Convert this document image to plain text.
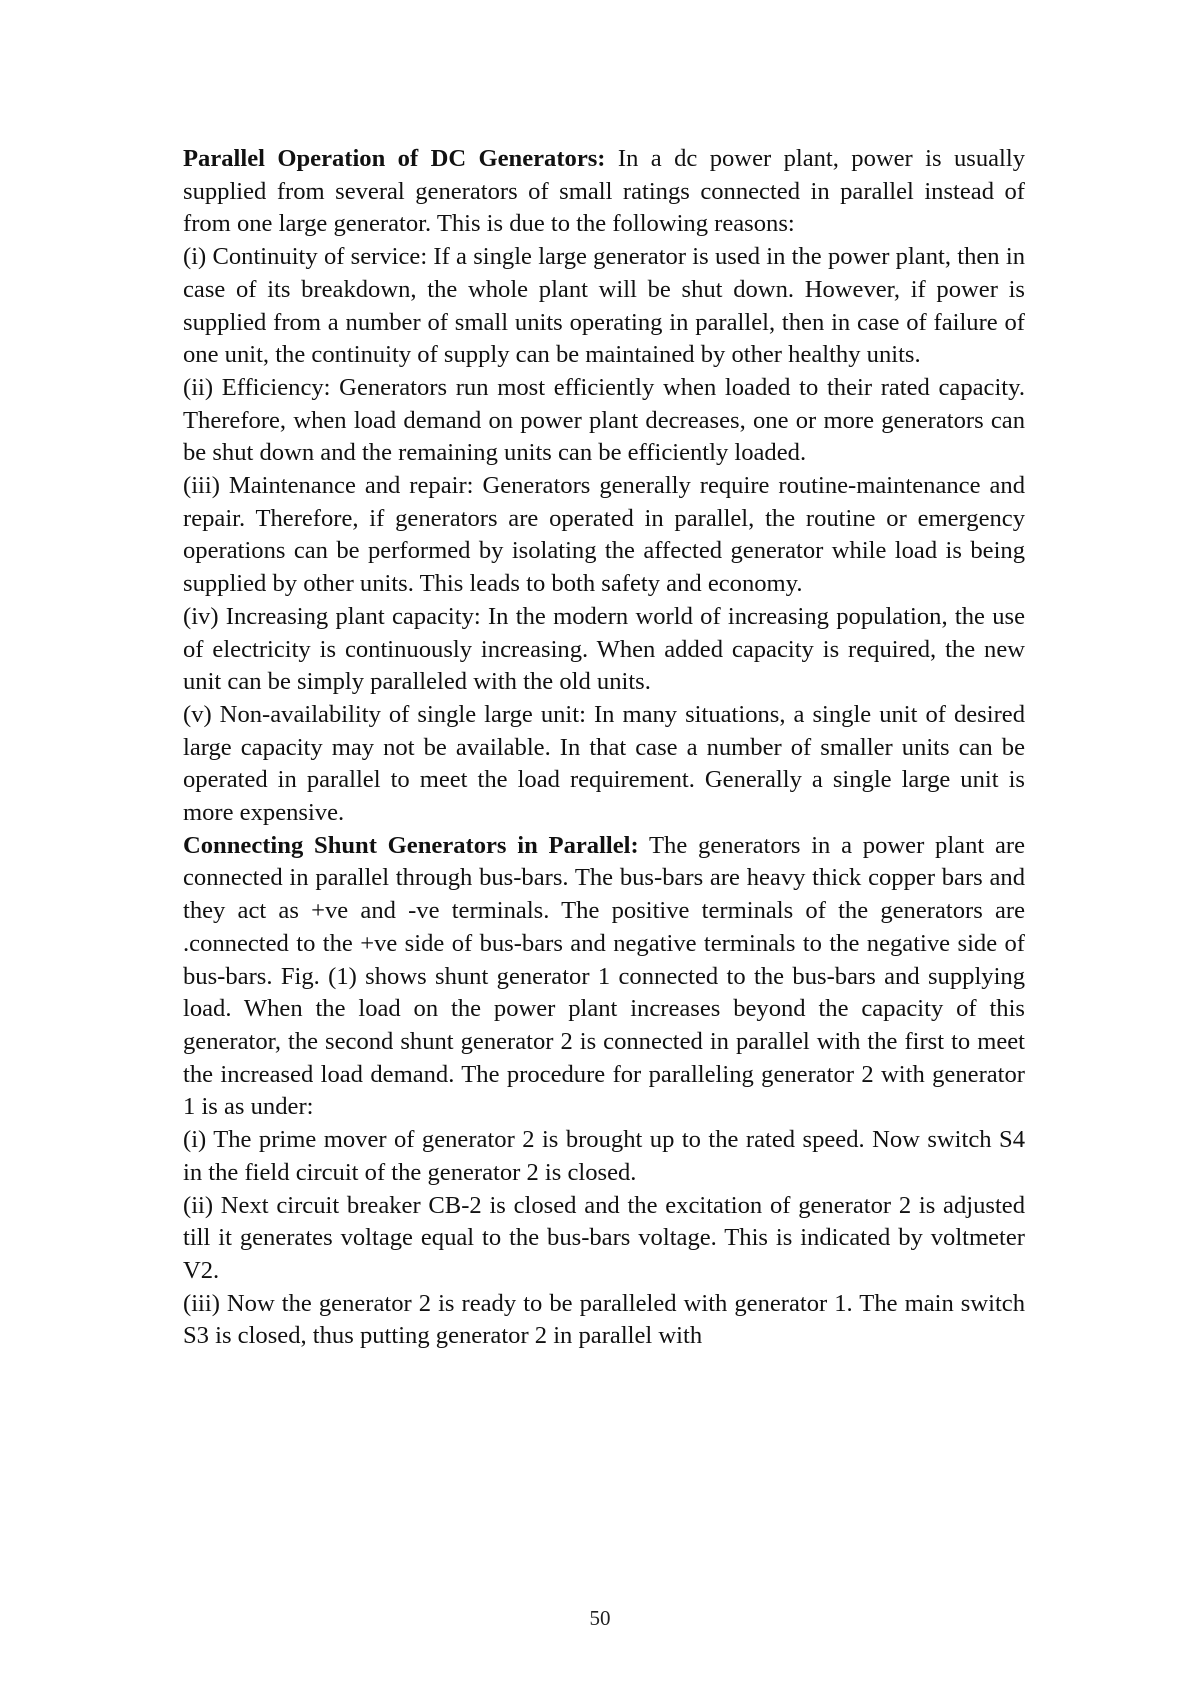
Parallel Operation of DC Generators: In a dc power plant, power is usually supplied from several generators of small ratings connected in parallel instead of from one large generator. This is due to the following reasons:

(i) Continuity of service: If a single large generator is used in the power plant, then in case of its breakdown, the whole plant will be shut down. However, if power is supplied from a number of small units operating in parallel, then in case of failure of one unit, the continuity of supply can be maintained by other healthy units.

(ii) Efficiency: Generators run most efficiently when loaded to their rated capacity. Therefore, when load demand on power plant decreases, one or more generators can be shut down and the remaining units can be efficiently loaded.

(iii) Maintenance and repair: Generators generally require routine-maintenance and repair. Therefore, if generators are operated in parallel, the routine or emergency operations can be performed by isolating the affected generator while load is being supplied by other units. This leads to both safety and economy.

(iv) Increasing plant capacity: In the modern world of increasing population, the use of electricity is continuously increasing. When added capacity is required, the new unit can be simply paralleled with the old units.

(v) Non-availability of single large unit: In many situations, a single unit of desired large capacity may not be available. In that case a number of smaller units can be operated in parallel to meet the load requirement. Generally a single large unit is more expensive.

Connecting Shunt Generators in Parallel: The generators in a power plant are connected in parallel through bus-bars. The bus-bars are heavy thick copper bars and they act as +ve and -ve terminals. The positive terminals of the generators are .connected to the +ve side of bus-bars and negative terminals to the negative side of bus-bars. Fig. (1) shows shunt generator 1 connected to the bus-bars and supplying load. When the load on the power plant increases beyond the capacity of this generator, the second shunt generator 2 is connected in parallel with the first to meet the increased load demand. The procedure for paralleling generator 2 with generator 1 is as under:

(i) The prime mover of generator 2 is brought up to the rated speed. Now switch S4 in the field circuit of the generator 2 is closed.

(ii) Next circuit breaker CB-2 is closed and the excitation of generator 2 is adjusted till it generates voltage equal to the bus-bars voltage. This is indicated by voltmeter V2.

(iii) Now the generator 2 is ready to be paralleled with generator 1. The main switch S3 is closed, thus putting generator 2 in parallel with

50
